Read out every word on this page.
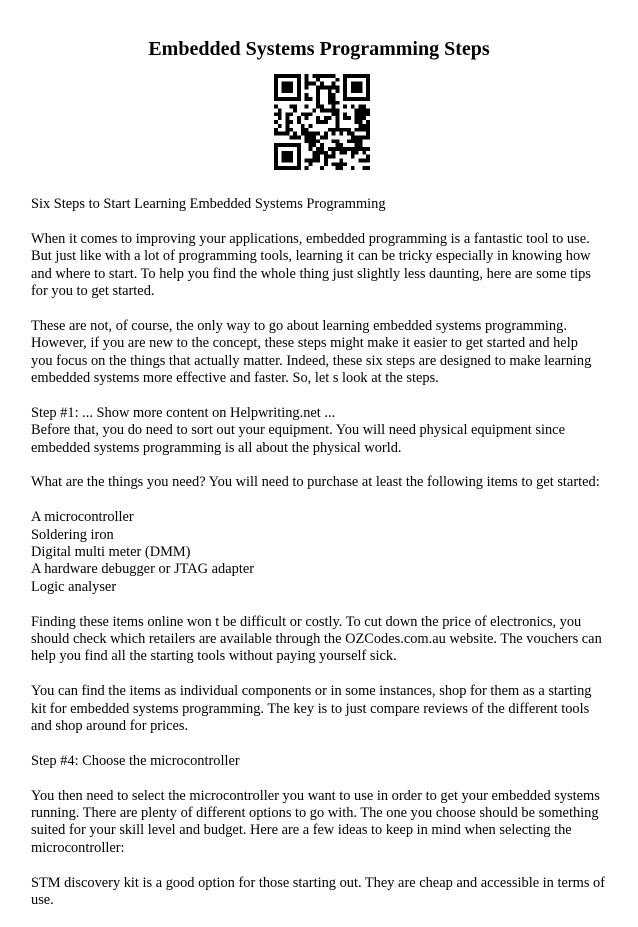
Embedded Systems Programming Steps

Six Steps to Start Learning Embedded Systems Programming

When it comes to improving your applications, embedded programming is a fantastic tool to use.
But just like with a lot of programming tools, learning it can be tricky especially in knowing how
and where to start. To help you find the whole thing just slightly less daunting, here are some tips
for you to get started.

These are not, of course, the only way to go about learning embedded systems programming.
However, if you are new to the concept, these steps might make it easier to get started and help
you focus on the things that actually matter. Indeed, these six steps are designed to make learning
embedded systems more effective and faster. So, let s look at the steps.

Step #1: ... Show more content on Helpwriting.net ...
Before that, you do need to sort out your equipment. You will need physical equipment since
embedded systems programming is all about the physical world.

What are the things you need? You will need to purchase at least the following items to get started:

A microcontroller
Soldering iron
Digital multi meter (DMM)
A hardware debugger or JTAG adapter
Logic analyser

Finding these items online won t be difficult or costly. To cut down the price of electronics, you
should check which retailers are available through the OZCodes.com.au website. The vouchers can
help you find all the starting tools without paying yourself sick.

You can find the items as individual components or in some instances, shop for them as a starting
kit for embedded systems programming. The key is to just compare reviews of the different tools
and shop around for prices.

Step #4: Choose the microcontroller

You then need to select the microcontroller you want to use in order to get your embedded systems
running. There are plenty of different options to go with. The one you choose should be something
suited for your skill level and budget. Here are a few ideas to keep in mind when selecting the
microcontroller:

STM discovery kit is a good option for those starting out. They are cheap and accessible in terms of
use.
